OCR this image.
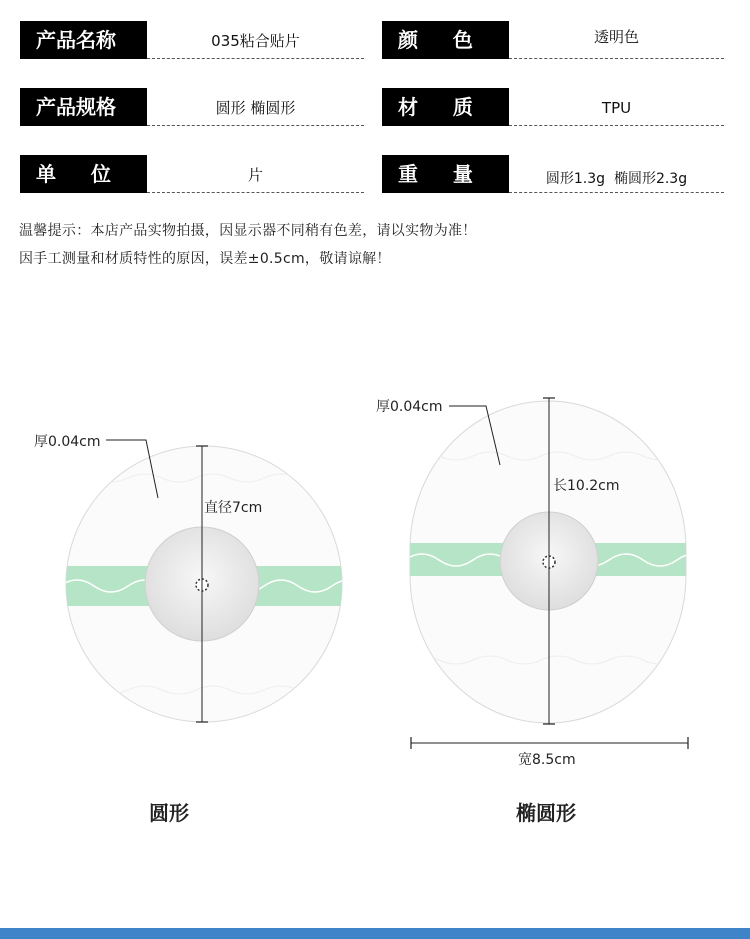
产品名称	035粘合贴片	颜     色	透明色
产品规格	圆形 椭圆形	材     质	TPU
单     位	片	重     量	圆形1.3g  椭圆形2.3g
温馨提示：本店产品实物拍摄，因显示器不同稍有色差，请以实物为准！
因手工测量和材质特性的原因，误差±0.5cm，敬请谅解！
厚0.04cm
直径7cm
厚0.04cm
长10.2cm
宽8.5cm
圆形	椭圆形
